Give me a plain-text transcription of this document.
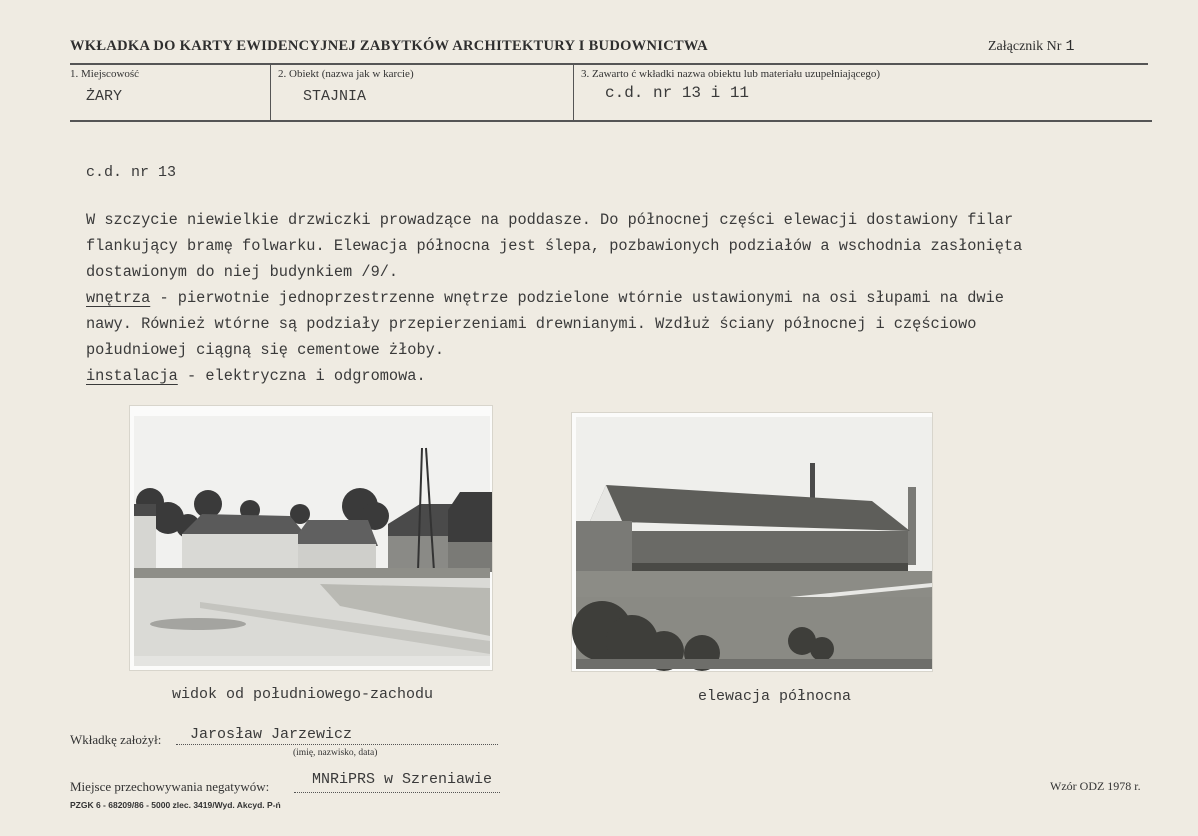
WKŁADKA DO KARTY EWIDENCYJNEJ ZABYTKÓW ARCHITEKTURY I BUDOWNICTWA	Załącznik Nr 1
1. Miejscowość
ŻARY
2. Obiekt (nazwa jak w karcie)
STAJNIA
3. Zawarto ć wkładki nazwa obiektu lub materiału uzupełniającego)
c.d. nr 13 i 11
c.d. nr 13
W szczycie niewielkie drzwiczki prowadzące na poddasze. Do północnej części elewacji dostawiony filar
flankujący bramę folwarku. Elewacja północna jest ślepa, pozbawionych podziałów a wschodnia zasłonięta
dostawionym do niej budynkiem /9/.
wnętrza - pierwotnie jednoprzestrzenne wnętrze podzielone wtórnie ustawionymi na osi słupami na dwie
nawy. Również wtórne są podziały przepierzeniami drewnianymi. Wzdłuż ściany północnej i częściowo
południowej ciągną się cementowe żłoby.
instalacja - elektryczna i odgromowa.
widok od południowego-zachodu	elewacja północna
Wkładkę założył: Jarosław Jarzewicz
(imię, nazwisko, data)
Miejsce przechowywania negatywów:	MNRiPRS w Szreniawie
PZGK 6 - 68209/86 - 5000 zlec. 3419/Wyd. Akcyd. P-ń
Wzór ODZ 1978 r.
